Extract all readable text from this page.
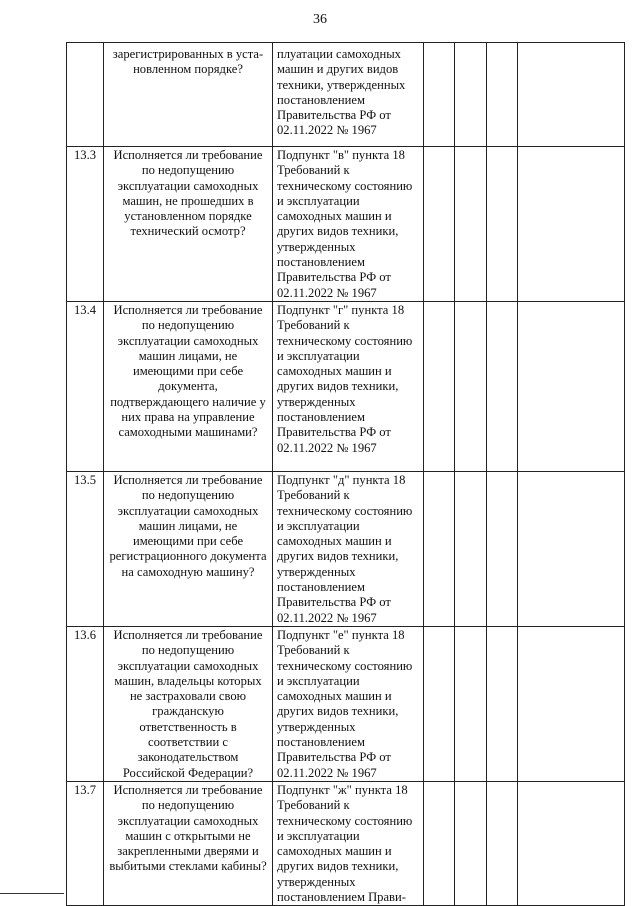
36
	зарегистрированных в уста-новленном порядке?	плуатации самоходных машин и других видов техники, утвержденных постановлением Правительства РФ от 02.11.2022 № 1967				
13.3	Исполняется ли требование по недопущению эксплуатации самоходных машин, не прошедших в установленном порядке технический осмотр?	Подпункт "в" пункта 18 Требований к техническому состоянию и эксплуатации самоходных машин и других видов техники, утвержденных постановлением Правительства РФ от 02.11.2022 № 1967				
13.4	Исполняется ли требование по недопущению эксплуатации самоходных машин лицами, не имеющими при себе документа, подтверждающего наличие у них права на управление самоходными машинами?	Подпункт "г" пункта 18 Требований к техническому состоянию и эксплуатации самоходных машин и других видов техники, утвержденных постановлением Правительства РФ от 02.11.2022 № 1967				
13.5	Исполняется ли требование по недопущению эксплуатации самоходных машин лицами, не имеющими при себе регистрационного документа на самоходную машину?	Подпункт "д" пункта 18 Требований к техническому состоянию и эксплуатации самоходных машин и других видов техники, утвержденных постановлением Правительства РФ от 02.11.2022 № 1967				
13.6	Исполняется ли требование по недопущению эксплуатации самоходных машин, владельцы которых не застраховали свою гражданскую ответственность в соответствии с законодательством Российской Федерации?	Подпункт "е" пункта 18 Требований к техническому состоянию и эксплуатации самоходных машин и других видов техники, утвержденных постановлением Правительства РФ от 02.11.2022 № 1967				
13.7	Исполняется ли требование по недопущению эксплуатации самоходных машин с открытыми не закрепленными дверями и выбитыми стеклами кабины?	Подпункт "ж" пункта 18 Требований к техническому состоянию и эксплуатации самоходных машин и других видов техники, утвержденных постановлением Прави-				
